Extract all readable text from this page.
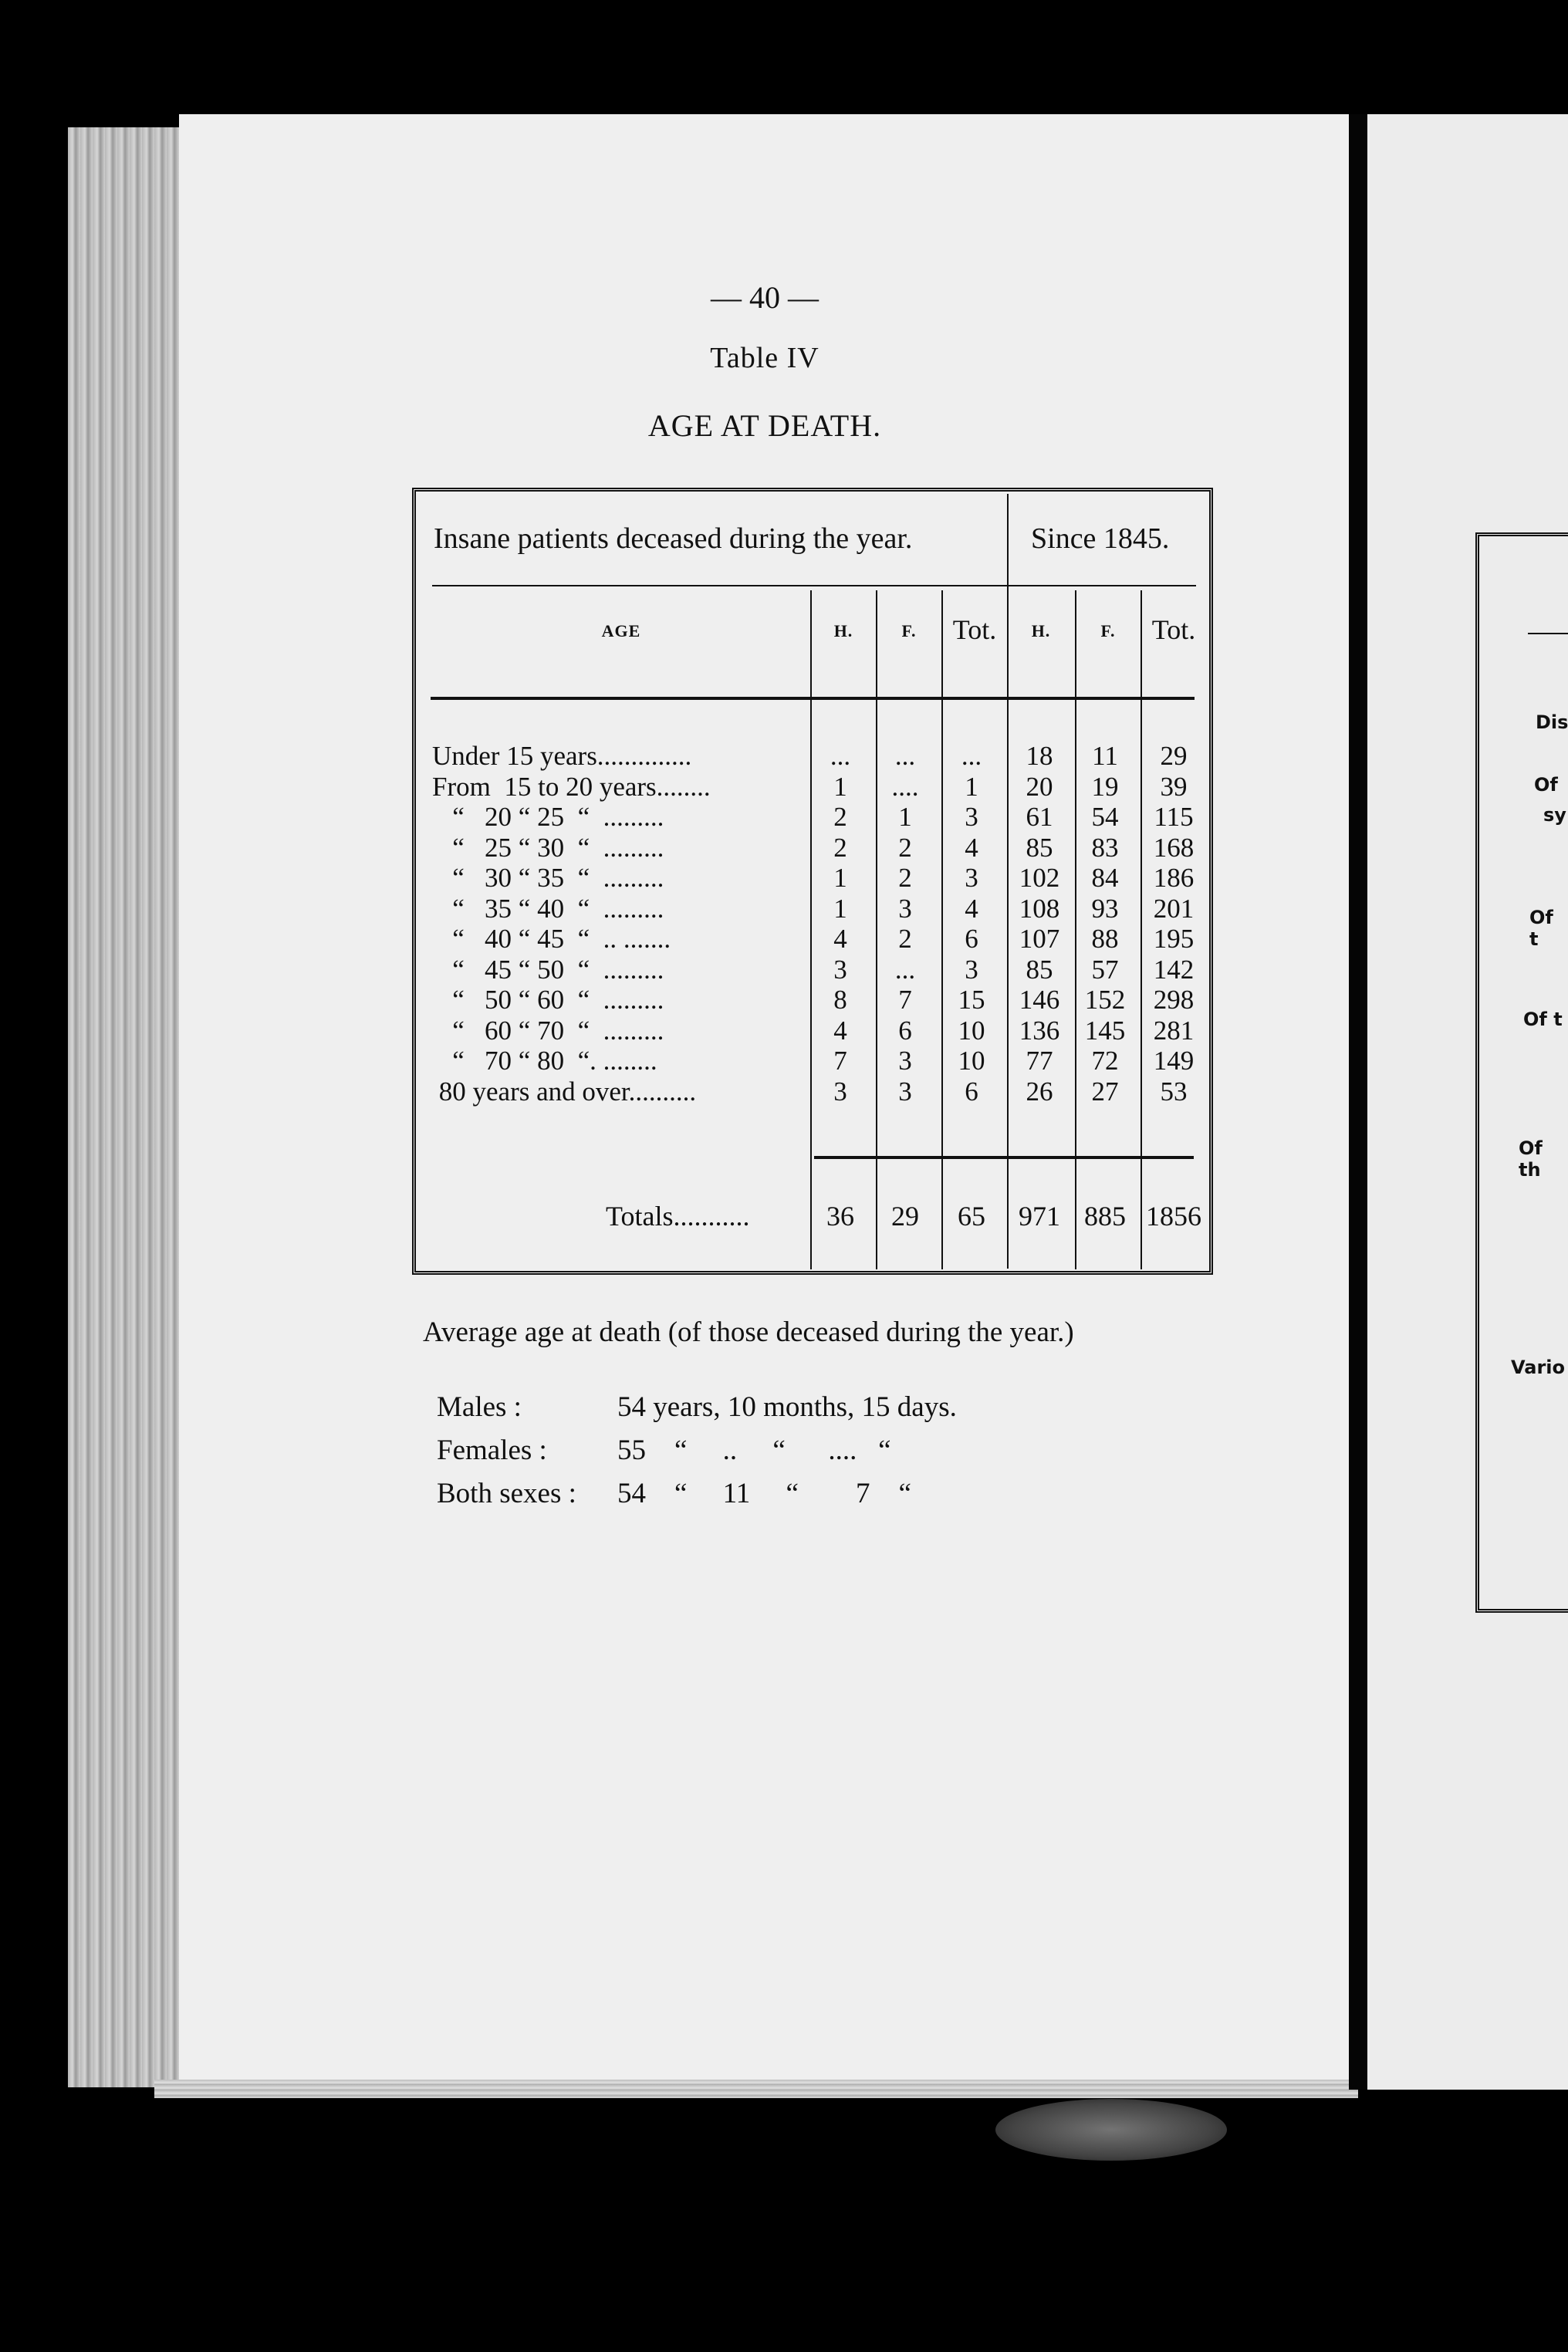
— 40 —
Table IV
AGE AT DEATH.
Insane patients deceased during the year.	Since 1845.
AGE	H.	F.	Tot.	H.	F.	Tot.
Under 15 years..............	...	...	...	18	11	29
From  15 to 20 years........	1	....	1	20	19	39
“   20 “ 25  “  .........	2	1	3	61	54	115
“   25 “ 30  “  .........	2	2	4	85	83	168
“   30 “ 35  “  .........	1	2	3	102	84	186
“   35 “ 40  “  .........	1	3	4	108	93	201
“   40 “ 45  “  .. .......	4	2	6	107	88	195
“   45 “ 50  “  .........	3	...	3	85	57	142
“   50 “ 60  “  .........	8	7	15	146 152	298
“   60 “ 70  “  .........	4	6	10	136 145	281
“   70 “ 80  “. ........	7	3	10	77	72	149
80 years and over..........	3	3	6	26	27	53
Totals...........	36	29	65	971 885 1856
Average age at death (of those deceased during the year.)
Males :	54 years, 10 months, 15 days.
Females : 55    “     ..     “      ....   “
Both sexes : 54    “     11     “        7    “
Dis
Of
sy
Of t
Of t
Of th
Vario
